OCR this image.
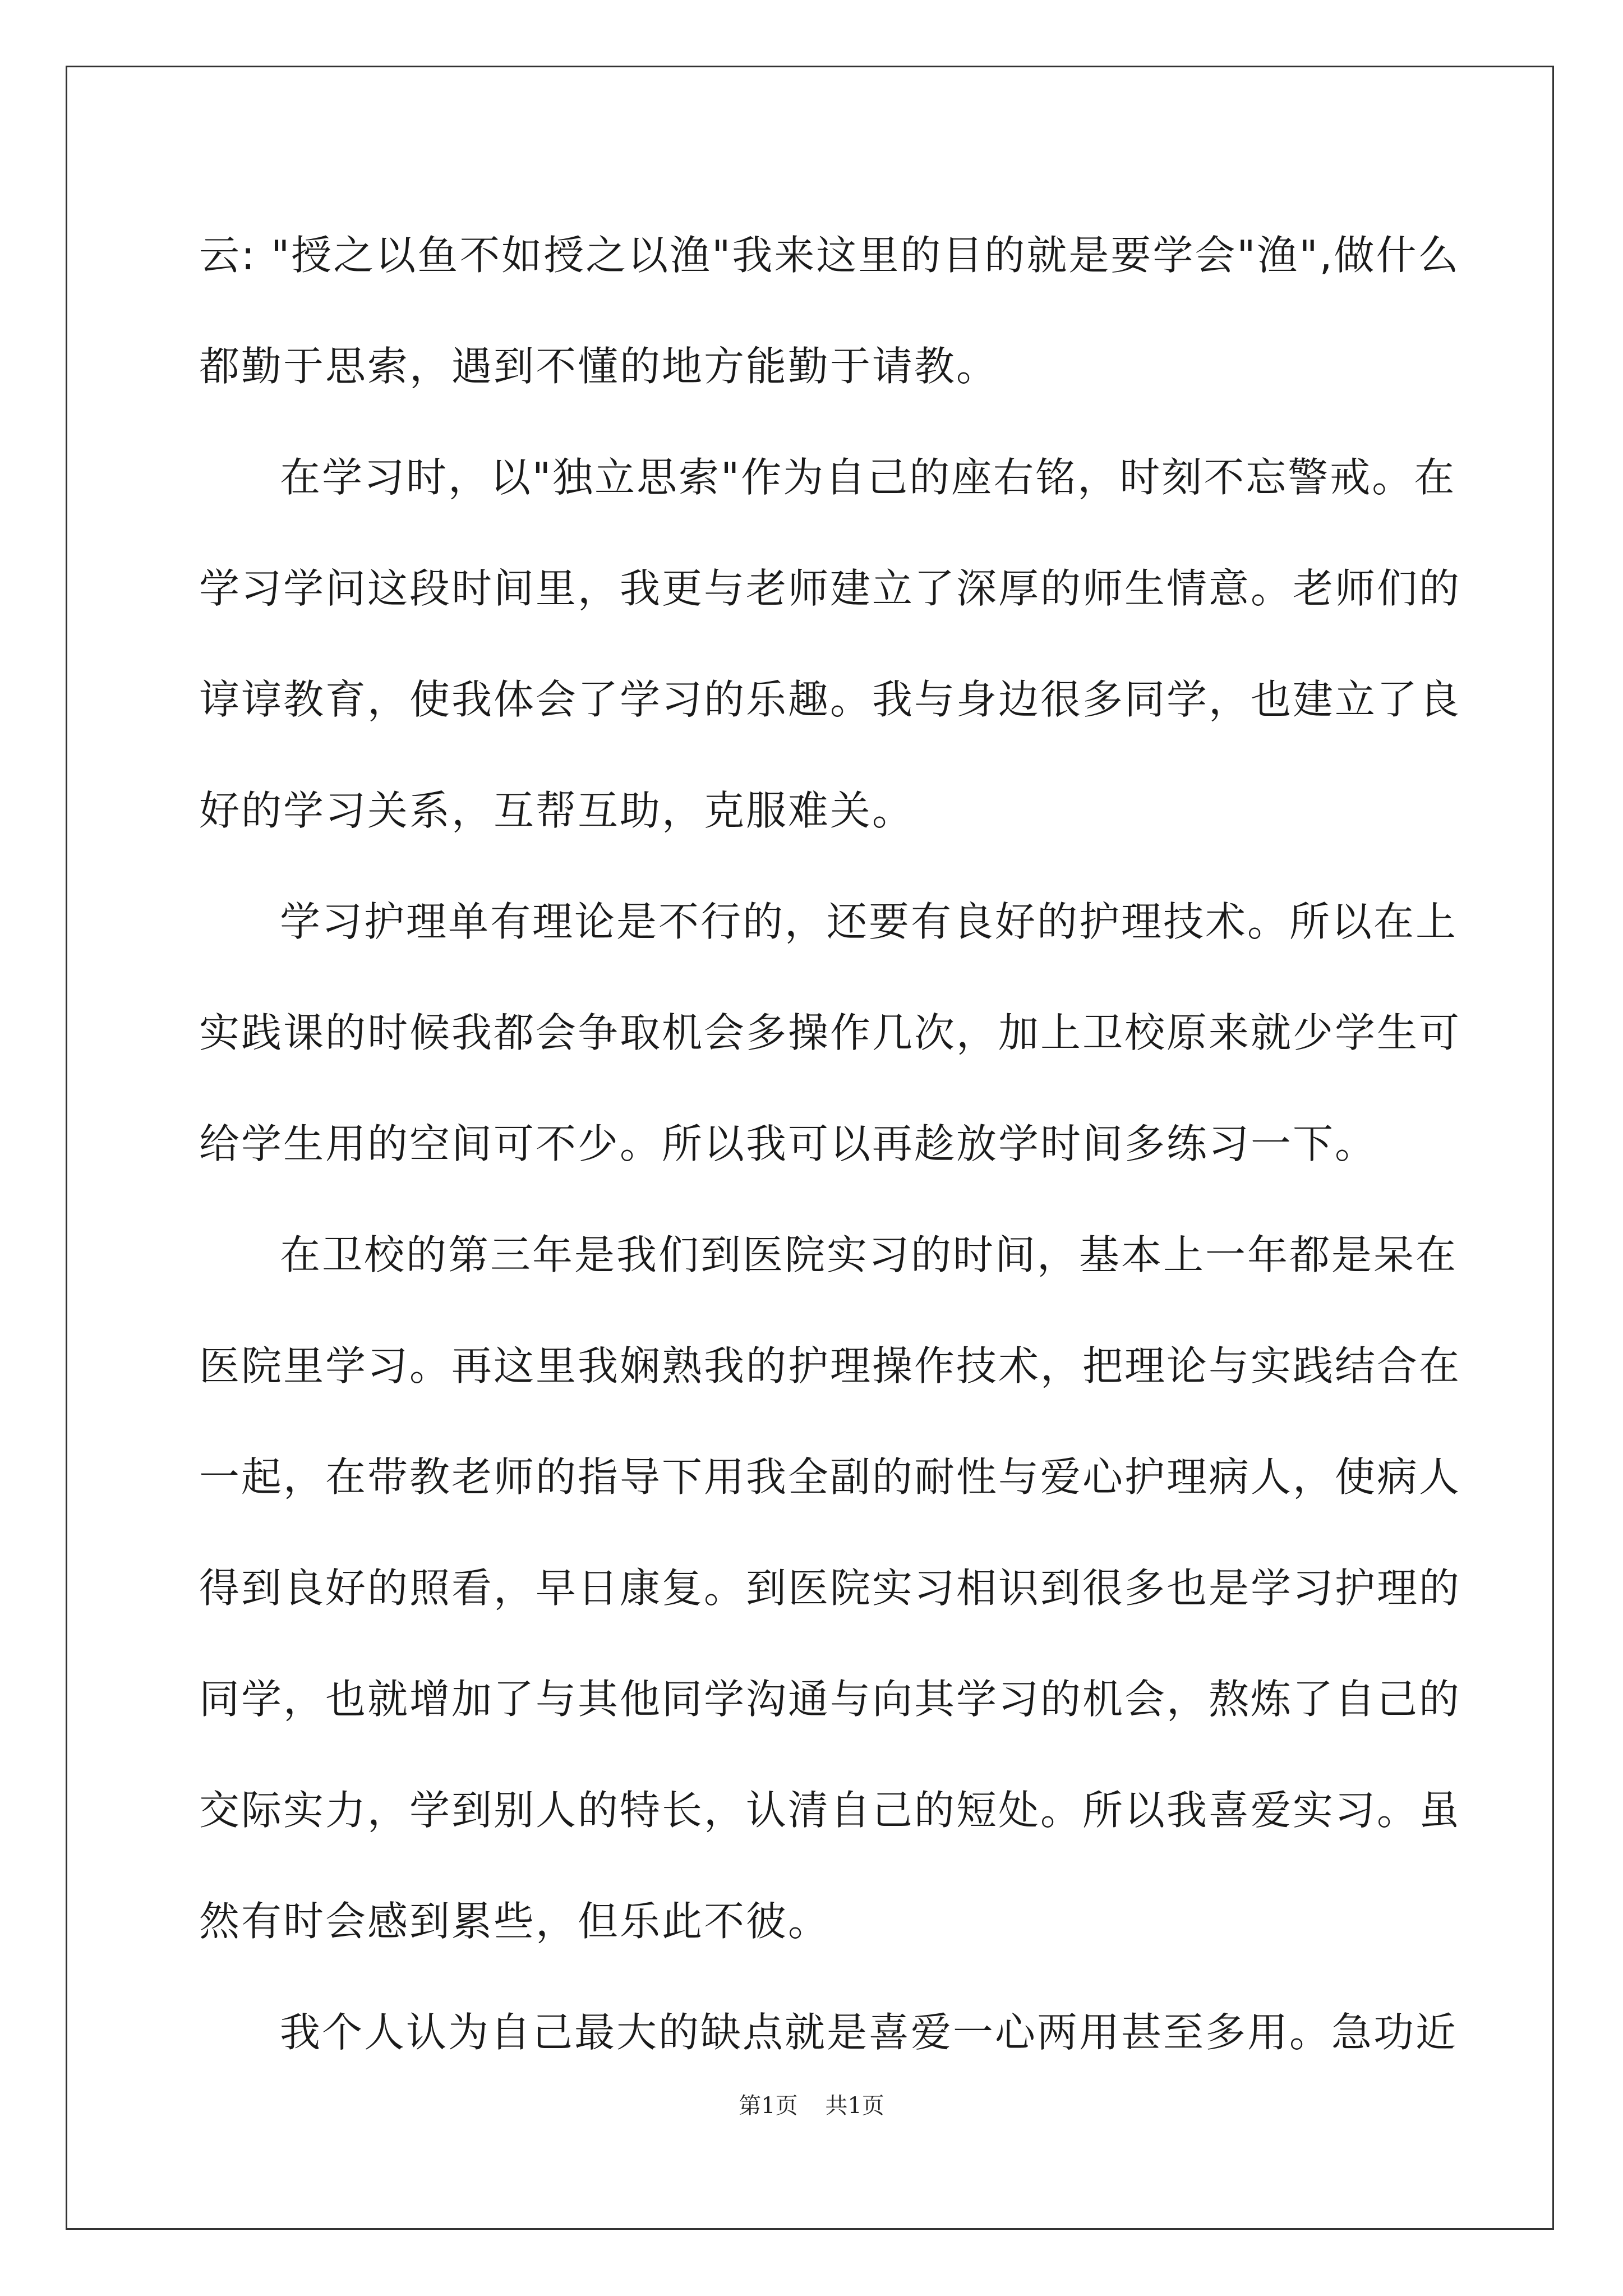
云: "授之以鱼不如授之以渔"我来这里的目的就是要学会"渔",做什么
都勤于思索，遇到不懂的地方能勤于请教。
在学习时，以"独立思索"作为自己的座右铭，时刻不忘警戒。在
学习学问这段时间里，我更与老师建立了深厚的师生情意。老师们的
谆谆教育，使我体会了学习的乐趣。我与身边很多同学，也建立了良
好的学习关系，互帮互助，克服难关。
学习护理单有理论是不行的，还要有良好的护理技术。所以在上
实践课的时候我都会争取机会多操作几次，加上卫校原来就少学生可
给学生用的空间可不少。所以我可以再趁放学时间多练习一下。
在卫校的第三年是我们到医院实习的时间，基本上一年都是呆在
医院里学习。再这里我娴熟我的护理操作技术，把理论与实践结合在
一起，在带教老师的指导下用我全副的耐性与爱心护理病人，使病人
得到良好的照看，早日康复。到医院实习相识到很多也是学习护理的
同学，也就增加了与其他同学沟通与向其学习的机会，熬炼了自己的
交际实力，学到别人的特长，认清自己的短处。所以我喜爱实习。虽
然有时会感到累些，但乐此不彼。
我个人认为自己最大的缺点就是喜爱一心两用甚至多用。急功近
第1页 共1页
